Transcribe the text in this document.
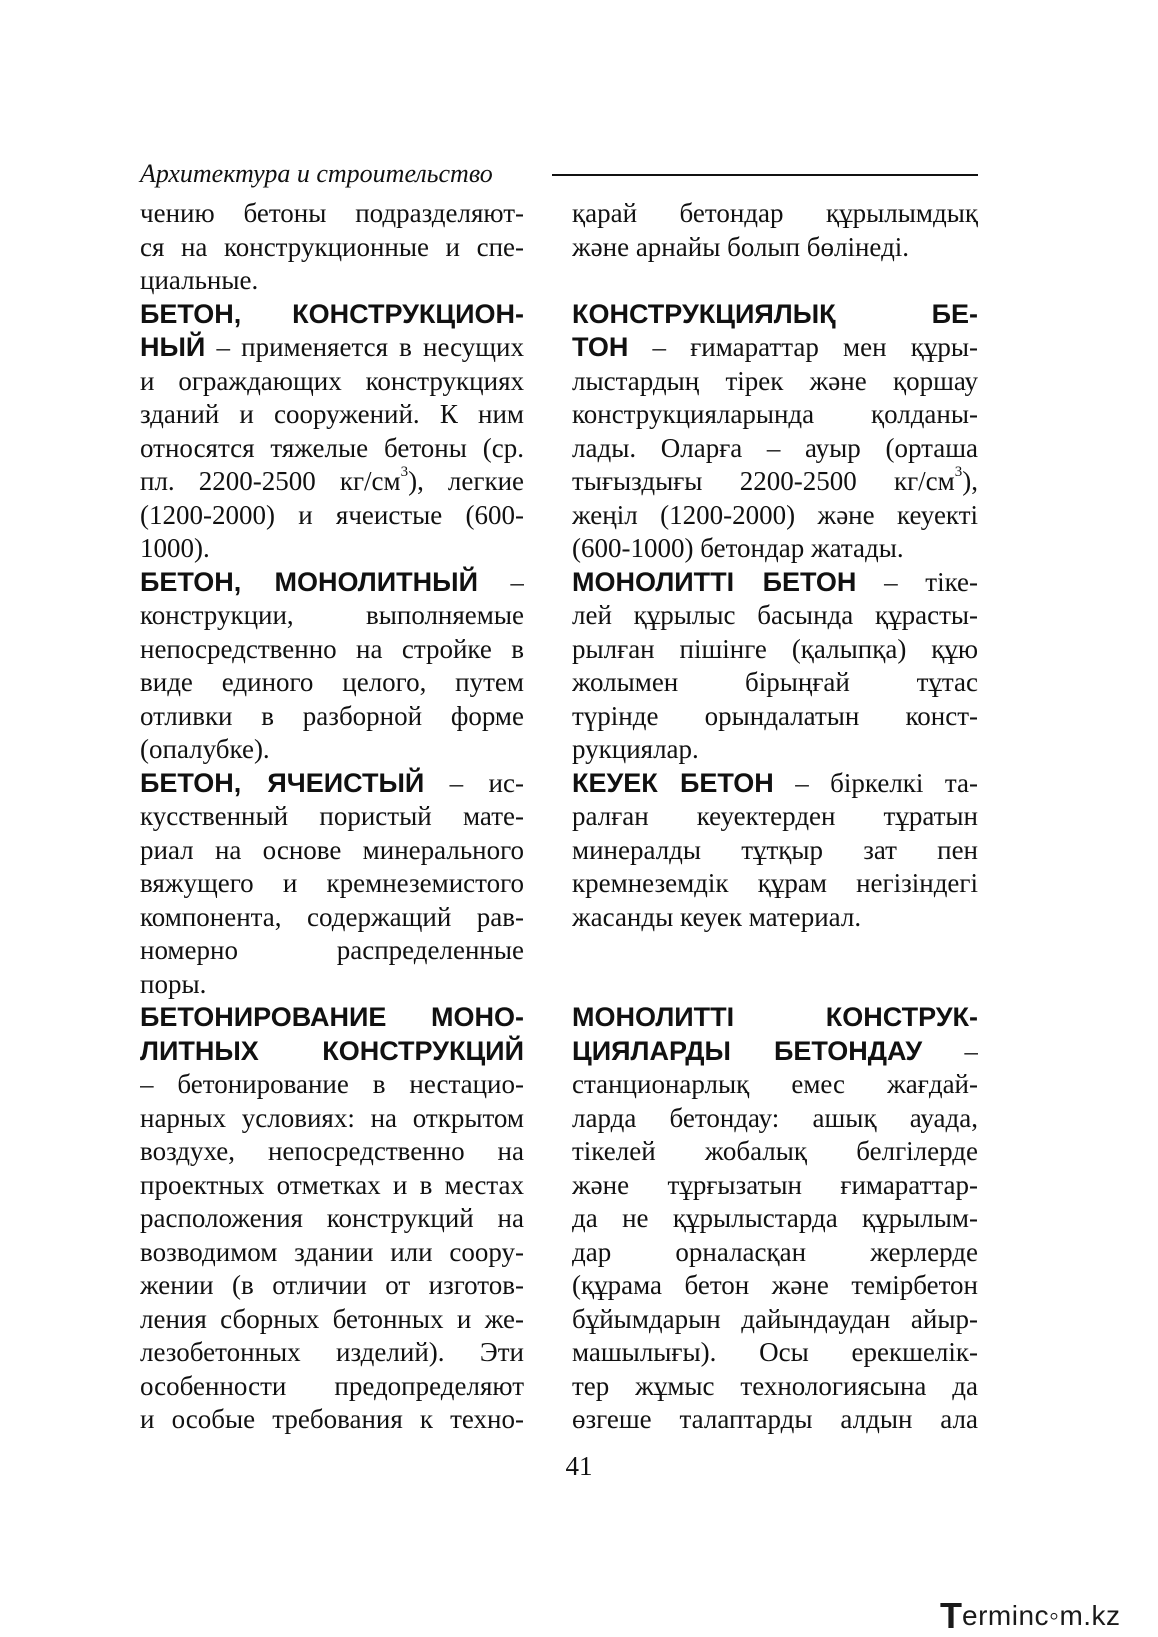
Архитектура и строительство
чению бетоны подразделяют-
ся на конструкционные и спе-
циальные.
БЕТОН, КОНСТРУКЦИОН-
НЫЙ – применяется в несущих
и ограждающих конструкциях
зданий и сооружений. К ним
относятся тяжелые бетоны (ср.
пл. 2200-2500 $кг/см^3$), легкие
(1200-2000) и ячеистые (600-
1000).
БЕТОН, МОНОЛИТНЫЙ –
конструкции, выполняемые
непосредственно на стройке в
виде единого целого, путем
отливки в разборной форме
(опалубке).
БЕТОН, ЯЧЕИСТЫЙ – ис-
кусственный пористый мате-
риал на основе минерального
вяжущего и кремнеземистого
компонента, содержащий рав-
номерно распределенные
поры.
БЕТОНИРОВАНИЕ МОНО-
ЛИТНЫХ КОНСТРУКЦИЙ
– бетонирование в нестацио-
нарных условиях: на открытом
воздухе, непосредственно на
проектных отметках и в местах
расположения конструкций на
возводимом здании или соору-
жении (в отличии от изготов-
ления сборных бетонных и же-
лезобетонных изделий). Эти
особенности предопределяют
и особые требования к техно-
қарай бетондар құрылымдық
және арнайы болып бөлінеді.
КОНСТРУКЦИЯЛЫҚ БЕ-
ТОН – ғимараттар мен құры-
лыстардың тірек және қоршау
конструкцияларында қолданы-
лады. Оларға – ауыр (орташа
тығыздығы 2200-2500 $кг/см^3$),
жеңіл (1200-2000) және кеуекті
(600-1000) бетондар жатады.
МОНОЛИТТІ БЕТОН – тіке-
лей құрылыс басында құрасты-
рылған пішінге (қалыпқа) құю
жолымен бірыңғай тұтас
түрінде орындалатын конст-
рукциялар.
КЕУЕК БЕТОН – біркелкі та-
ралған кеуектерден тұратын
минералды тұтқыр зат пен
кремнеземдік құрам негізіндегі
жасанды кеуек материал.
МОНОЛИТТІ КОНСТРУК-
ЦИЯЛАРДЫ БЕТОНДАУ –
станционарлық емес жағдай-
ларда бетондау: ашық ауада,
тікелей жобалық белгілерде
және тұрғызатын ғимараттар-
да не құрылыстарда құрылым-
дар орналасқан жерлерде
(құрама бетон және темірбетон
бұйымдарын дайындаудан айыр-
машылығы). Осы ерекшелік-
тер жұмыс технологиясына да
өзгеше талаптарды алдын ала
41
T erminc◦m.kz
